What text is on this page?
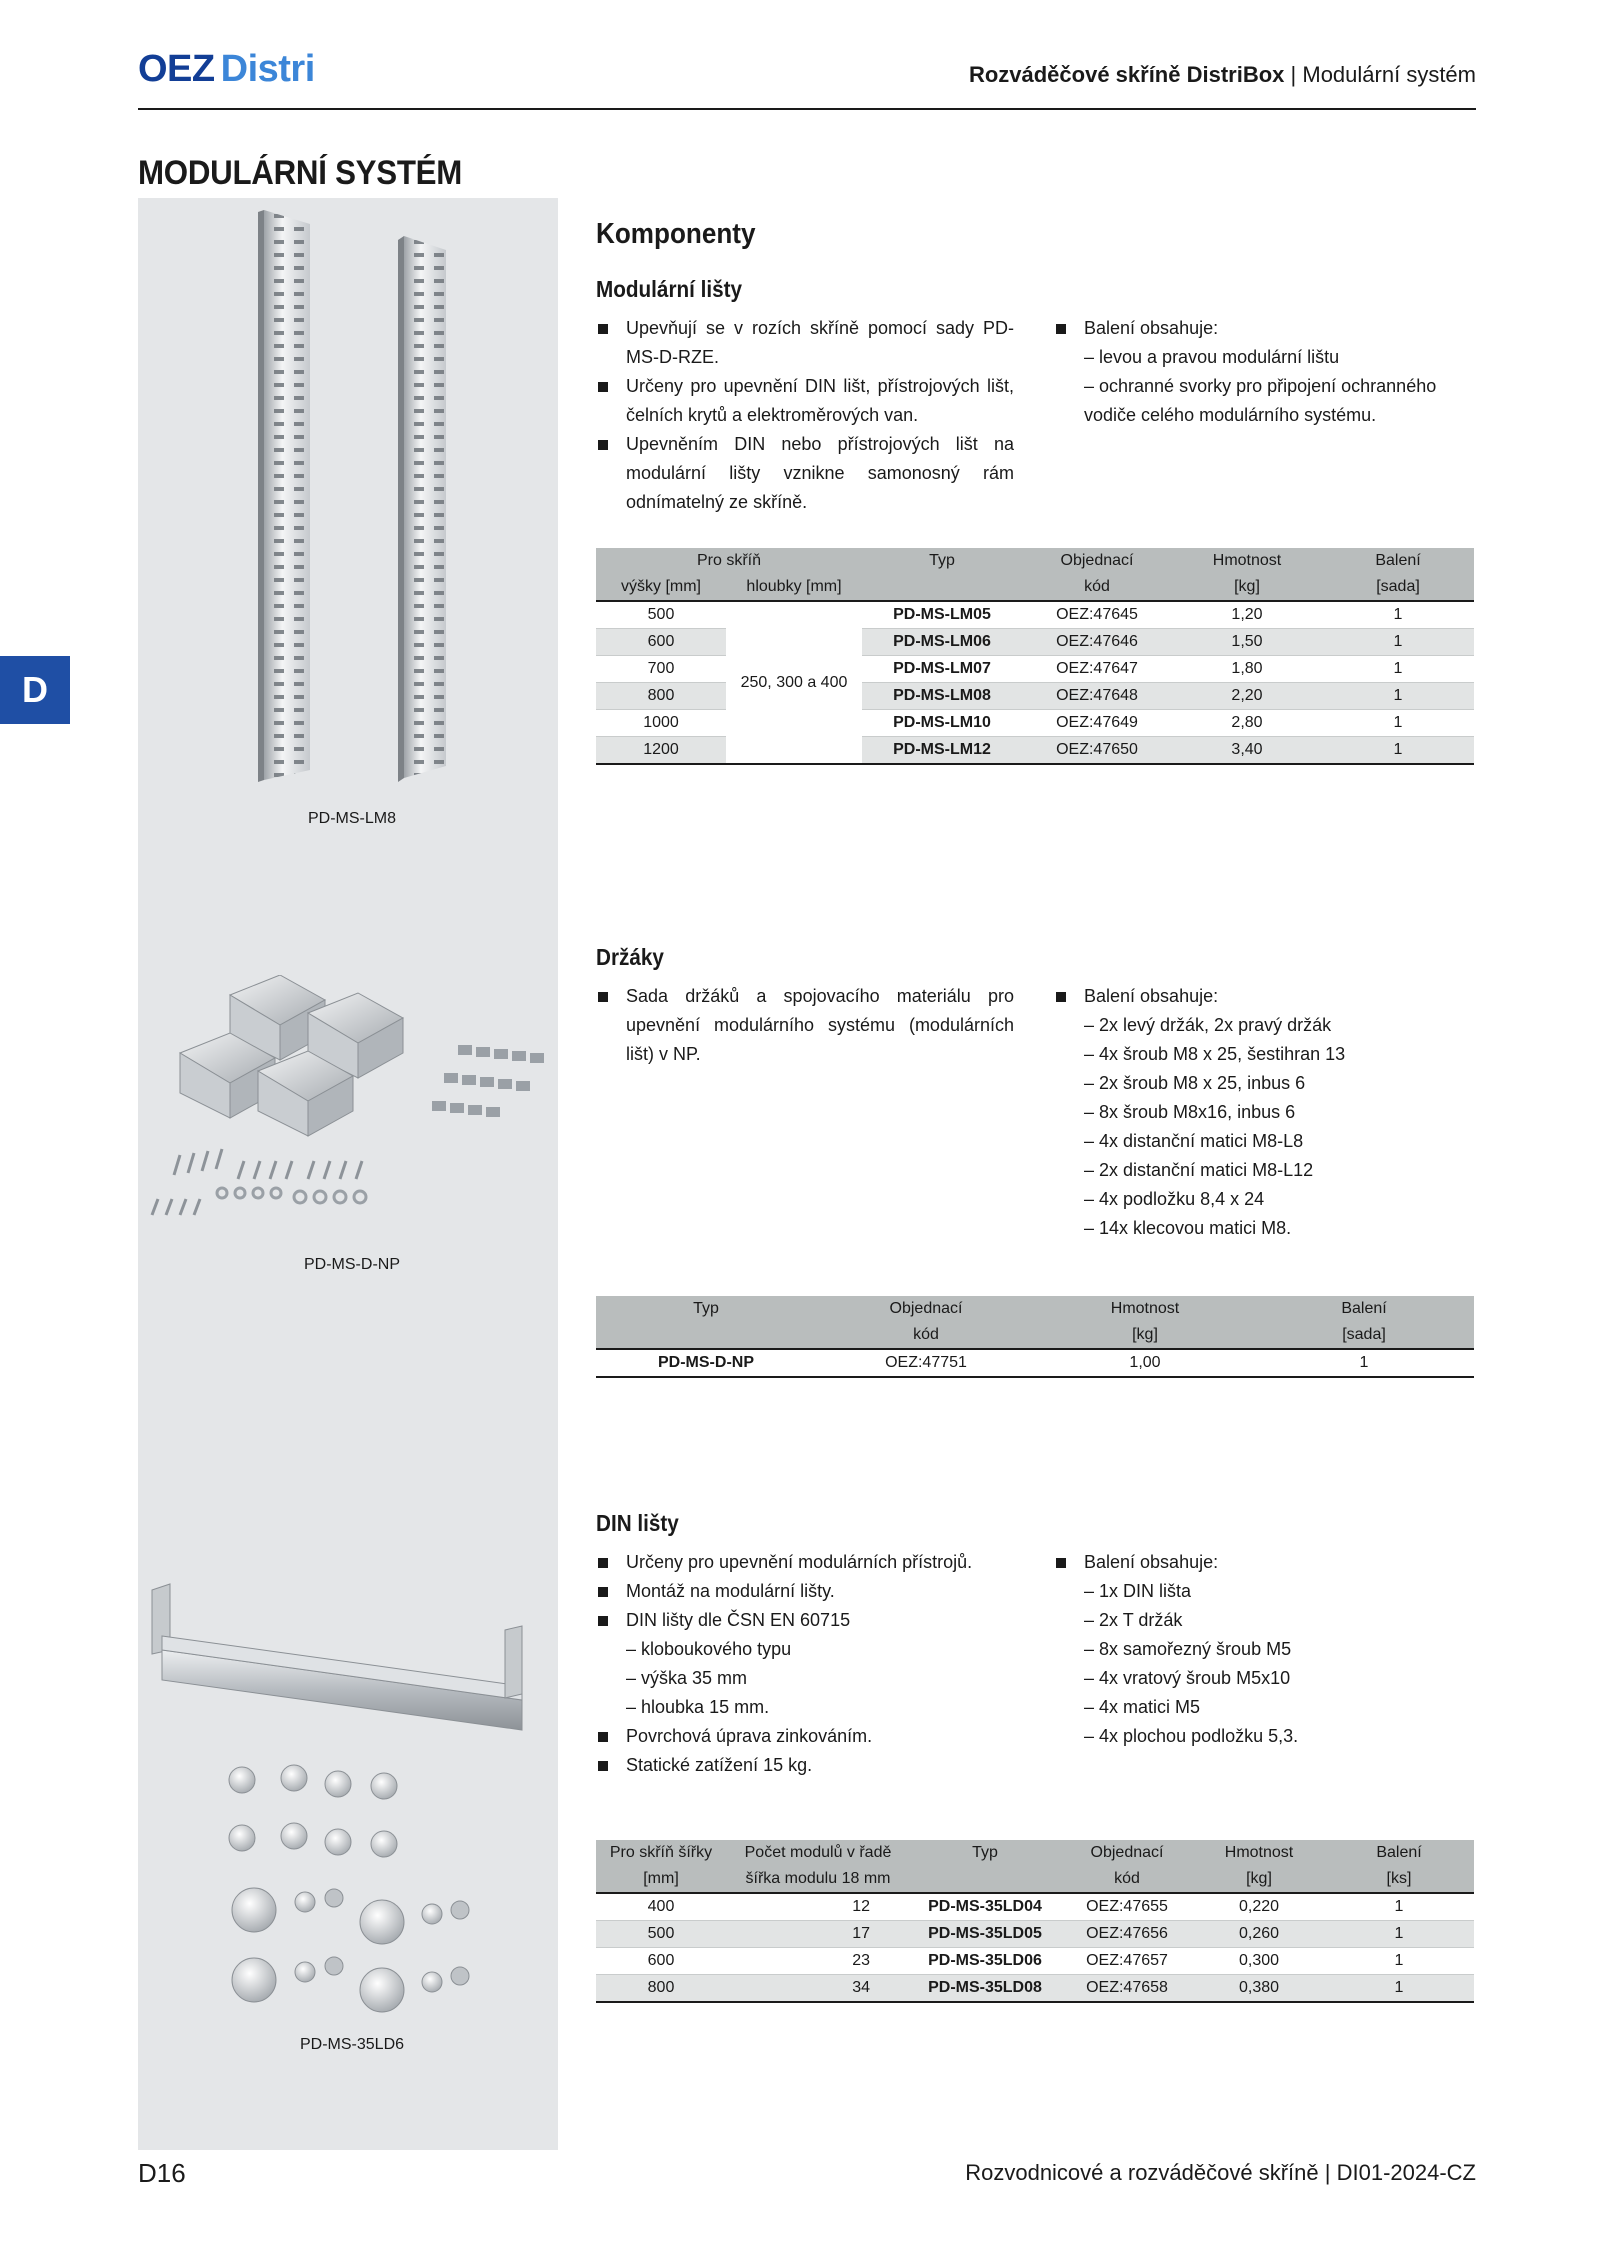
OEZ Distri	Rozváděčové skříně DistriBox | Modulární systém
MODULÁRNÍ SYSTÉM
D
PD-MS-LM8
PD-MS-D-NP
PD-MS-35LD6
Komponenty
Modulární lišty
Upevňují se v rozích skříně pomocí sady PD-MS-D-RZE.
Určeny pro upevnění DIN lišt, přístrojových lišt, čelních krytů a elektroměrových van.
Upevněním DIN nebo přístrojových lišt na modulární lišty vznikne samonosný rám odnímatelný ze skříně.
Balení obsahuje:
– levou a pravou modulární lištu
– ochranné svorky pro připojení ochranného vodiče celého modulárního systému.
Pro skříň		Typ	Objednací	Hmotnost	Balení
výšky [mm]	hloubky [mm]		kód	[kg]	[sada]
500	250, 300 a 400	PD-MS-LM05	OEZ:47645	1,20	1
600		PD-MS-LM06	OEZ:47646	1,50	1
700		PD-MS-LM07	OEZ:47647	1,80	1
800		PD-MS-LM08	OEZ:47648	2,20	1
1000		PD-MS-LM10	OEZ:47649	2,80	1
1200		PD-MS-LM12	OEZ:47650	3,40	1
Držáky
Sada držáků a spojovacího materiálu pro upevnění modulárního systému (modulárních lišt) v NP.
Balení obsahuje:
– 2x levý držák, 2x pravý držák
– 4x šroub M8 x 25, šestihran 13
– 2x šroub M8 x 25, inbus 6
– 8x šroub M8x16, inbus 6
– 4x distanční matici M8-L8
– 2x distanční matici M8-L12
– 4x podložku 8,4 x 24
– 14x klecovou matici M8.
Typ	Objednací	Hmotnost	Balení
	kód	[kg]	[sada]
PD-MS-D-NP	OEZ:47751	1,00	1
DIN lišty
Určeny pro upevnění modulárních přístrojů.
Montáž na modulární lišty.
DIN lišty dle ČSN EN 60715
– kloboukového typu
– výška 35 mm
– hloubka 15 mm.
Povrchová úprava zinkováním.
Statické zatížení 15 kg.
Balení obsahuje:
– 1x DIN lišta
– 2x T držák
– 8x samořezný šroub M5
– 4x vratový šroub M5x10
– 4x matici M5
– 4x plochou podložku 5,3.
Pro skříň šířky	Počet modulů v řadě	Typ	Objednací	Hmotnost	Balení
[mm]	šířka modulu 18 mm		kód	[kg]	[ks]
400	12	PD-MS-35LD04	OEZ:47655	0,220	1
500	17	PD-MS-35LD05	OEZ:47656	0,260	1
600	23	PD-MS-35LD06	OEZ:47657	0,300	1
800	34	PD-MS-35LD08	OEZ:47658	0,380	1
D16	Rozvodnicové a rozváděčové skříně | DI01-2024-CZ
